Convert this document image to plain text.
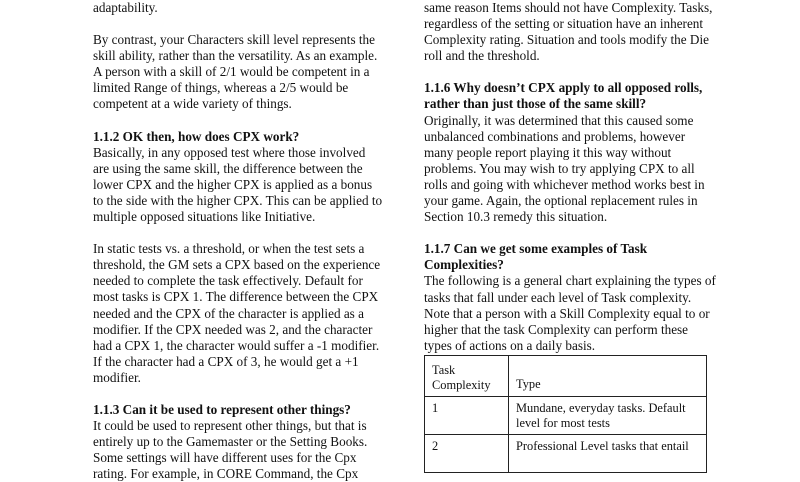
adaptability.

By contrast, your Characters skill level represents the skill ability, rather than the versatility. As an example. A person with a skill of 2/1 would be competent in a limited Range of things, whereas a 2/5 would be competent at a wide variety of things.

1.1.2 OK then, how does CPX work?

Basically, in any opposed test where those involved are using the same skill, the difference between the lower CPX and the higher CPX is applied as a bonus to the side with the higher CPX. This can be applied to multiple opposed situations like Initiative.

In static tests vs. a threshold, or when the test sets a threshold, the GM sets a CPX based on the experience needed to complete the task effectively. Default for most tasks is CPX 1. The difference between the CPX needed and the CPX of the character is applied as a modifier. If the CPX needed was 2, and the character had a CPX 1, the character would suffer a -1 modifier. If the character had a CPX of 3, he would get a +1 modifier.

1.1.3 Can it be used to represent other things?

It could be used to represent other things, but that is entirely up to the Gamemaster or the Setting Books. Some settings will have different uses for the Cpx rating. For example, in CORE Command, the Cpx

same reason Items should not have Complexity. Tasks, regardless of the setting or situation have an inherent Complexity rating. Situation and tools modify the Die roll and the threshold.

1.1.6 Why doesn’t CPX apply to all opposed rolls, rather than just those of the same skill?

Originally, it was determined that this caused some unbalanced combinations and problems, however many people report playing it this way without problems. You may wish to try applying CPX to all rolls and going with whichever method works best in your game. Again, the optional replacement rules in Section 10.3 remedy this situation.

1.1.7 Can we get some examples of Task Complexities?

The following is a general chart explaining the types of tasks that fall under each level of Task complexity. Note that a person with a Skill Complexity equal to or higher that the task Complexity can perform these types of actions on a daily basis.

Task Complexity	Type
1	Mundane, everyday tasks. Default level for most tests
2	Professional Level tasks that entail
